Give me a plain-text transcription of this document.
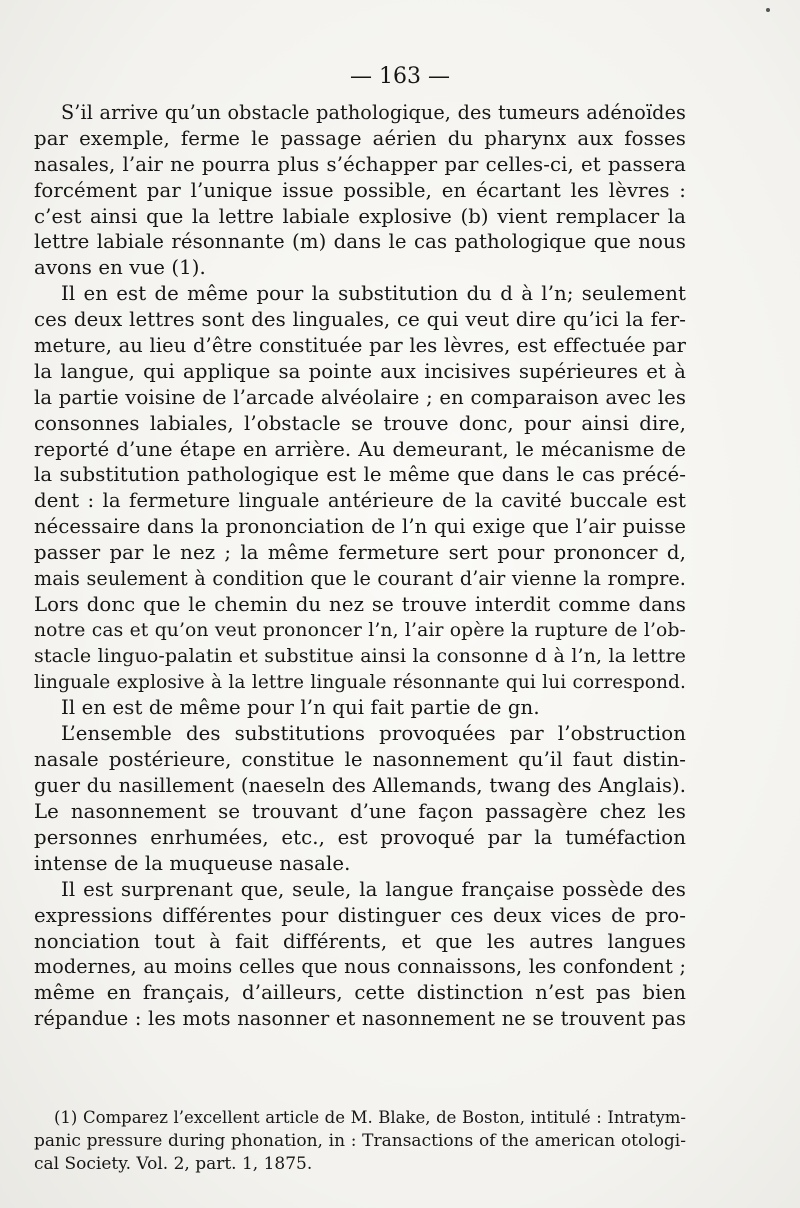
— 163 —
S’il arrive qu’un obstacle pathologique, des tumeurs adénoïdes
par exemple, ferme le passage aérien du pharynx aux fosses
nasales, l’air ne pourra plus s’échapper par celles-ci, et passera
forcément par l’unique issue possible, en écartant les lèvres :
c’est ainsi que la lettre labiale explosive (b) vient remplacer la
lettre labiale résonnante (m) dans le cas pathologique que nous
avons en vue (1).
Il en est de même pour la substitution du d à l’n; seulement
ces deux lettres sont des linguales, ce qui veut dire qu’ici la fer-
meture, au lieu d’être constituée par les lèvres, est effectuée par
la langue, qui applique sa pointe aux incisives supérieures et à
la partie voisine de l’arcade alvéolaire ; en comparaison avec les
consonnes labiales, l’obstacle se trouve donc, pour ainsi dire,
reporté d’une étape en arrière. Au demeurant, le mécanisme de
la substitution pathologique est le même que dans le cas précé-
dent : la fermeture linguale antérieure de la cavité buccale est
nécessaire dans la prononciation de l’n qui exige que l’air puisse
passer par le nez ; la même fermeture sert pour prononcer d,
mais seulement à condition que le courant d’air vienne la rompre.
Lors donc que le chemin du nez se trouve interdit comme dans
notre cas et qu’on veut prononcer l’n, l’air opère la rupture de l’ob-
stacle linguo-palatin et substitue ainsi la consonne d à l’n, la lettre
linguale explosive à la lettre linguale résonnante qui lui correspond.
Il en est de même pour l’n qui fait partie de gn.
L’ensemble des substitutions provoquées par l’obstruction
nasale postérieure, constitue le nasonnement qu’il faut distin-
guer du nasillement (naeseln des Allemands, twang des Anglais).
Le nasonnement se trouvant d’une façon passagère chez les
personnes enrhumées, etc., est provoqué par la tuméfaction
intense de la muqueuse nasale.
Il est surprenant que, seule, la langue française possède des
expressions différentes pour distinguer ces deux vices de pro-
nonciation tout à fait différents, et que les autres langues
modernes, au moins celles que nous connaissons, les confondent ;
même en français, d’ailleurs, cette distinction n’est pas bien
répandue : les mots nasonner et nasonnement ne se trouvent pas
(1) Comparez l’excellent article de M. Blake, de Boston, intitulé : Intratym-
panic pressure during phonation, in : Transactions of the american otologi-
cal Society. Vol. 2, part. 1, 1875.
